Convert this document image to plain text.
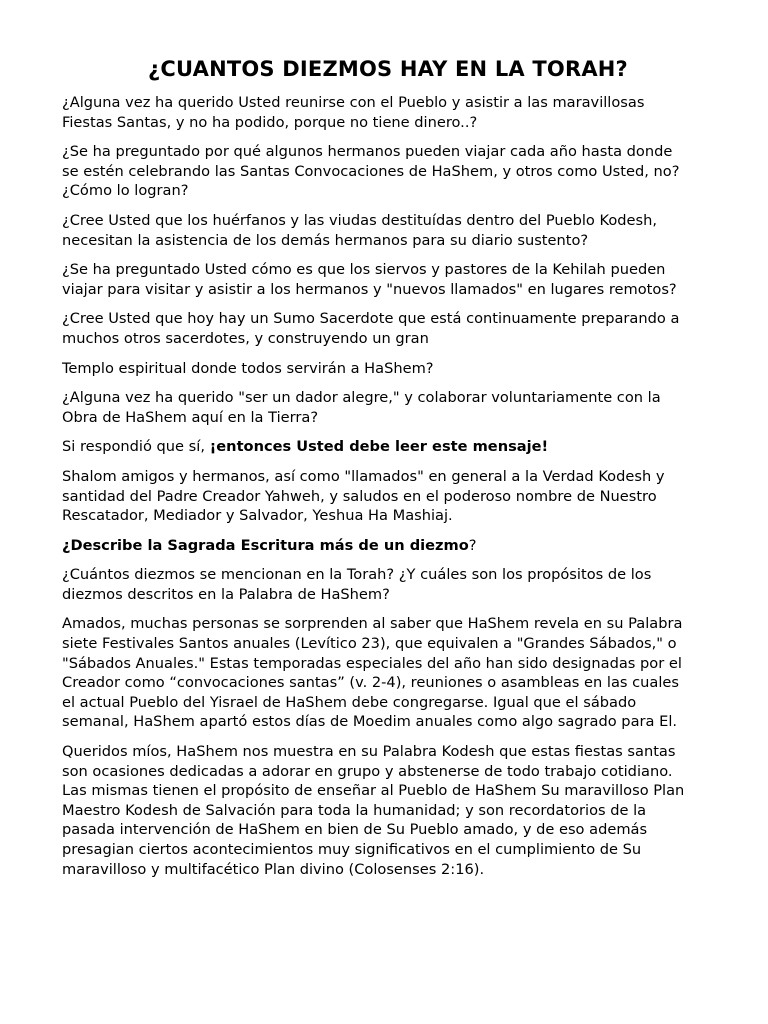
¿CUANTOS DIEZMOS HAY EN LA TORAH?

¿Alguna vez ha querido Usted reunirse con el Pueblo y asistir a las maravillosas
Fiestas Santas, y no ha podido, porque no tiene dinero..?

¿Se ha preguntado por qué algunos hermanos pueden viajar cada año hasta donde
se estén celebrando las Santas Convocaciones de HaShem, y otros como Usted, no?
¿Cómo lo logran?

¿Cree Usted que los huérfanos y las viudas destituídas dentro del Pueblo Kodesh,
necesitan la asistencia de los demás hermanos para su diario sustento?

¿Se ha preguntado Usted cómo es que los siervos y pastores de la Kehilah pueden
viajar para visitar y asistir a los hermanos y "nuevos llamados" en lugares remotos?

¿Cree Usted que hoy hay un Sumo Sacerdote que está continuamente preparando a
muchos otros sacerdotes, y construyendo un gran

Templo espiritual donde todos servirán a HaShem?

¿Alguna vez ha querido "ser un dador alegre," y colaborar voluntariamente con la
Obra de HaShem aquí en la Tierra?

Si respondió que sí, ¡entonces Usted debe leer este mensaje!

Shalom amigos y hermanos, así como "llamados" en general a la Verdad Kodesh y
santidad del Padre Creador Yahweh, y saludos en el poderoso nombre de Nuestro
Rescatador, Mediador y Salvador, Yeshua Ha Mashiaj.

¿Describe la Sagrada Escritura más de un diezmo?

¿Cuántos diezmos se mencionan en la Torah? ¿Y cuáles son los propósitos de los
diezmos descritos en la Palabra de HaShem?

Amados, muchas personas se sorprenden al saber que HaShem revela en su Palabra
siete Festivales Santos anuales (Levítico 23), que equivalen a "Grandes Sábados," o
"Sábados Anuales." Estas temporadas especiales del año han sido designadas por el
Creador como “convocaciones santas” (v. 2-4), reuniones o asambleas en las cuales
el actual Pueblo del Yisrael de HaShem debe congregarse. Igual que el sábado
semanal, HaShem apartó estos días de Moedim anuales como algo sagrado para El.

Queridos míos, HaShem nos muestra en su Palabra Kodesh que estas fiestas santas
son ocasiones dedicadas a adorar en grupo y abstenerse de todo trabajo cotidiano.
Las mismas tienen el propósito de enseñar al Pueblo de HaShem Su maravilloso Plan
Maestro Kodesh de Salvación para toda la humanidad; y son recordatorios de la
pasada intervención de HaShem en bien de Su Pueblo amado, y de eso además
presagian ciertos acontecimientos muy significativos en el cumplimiento de Su
maravilloso y multifacético Plan divino (Colosenses 2:16).
